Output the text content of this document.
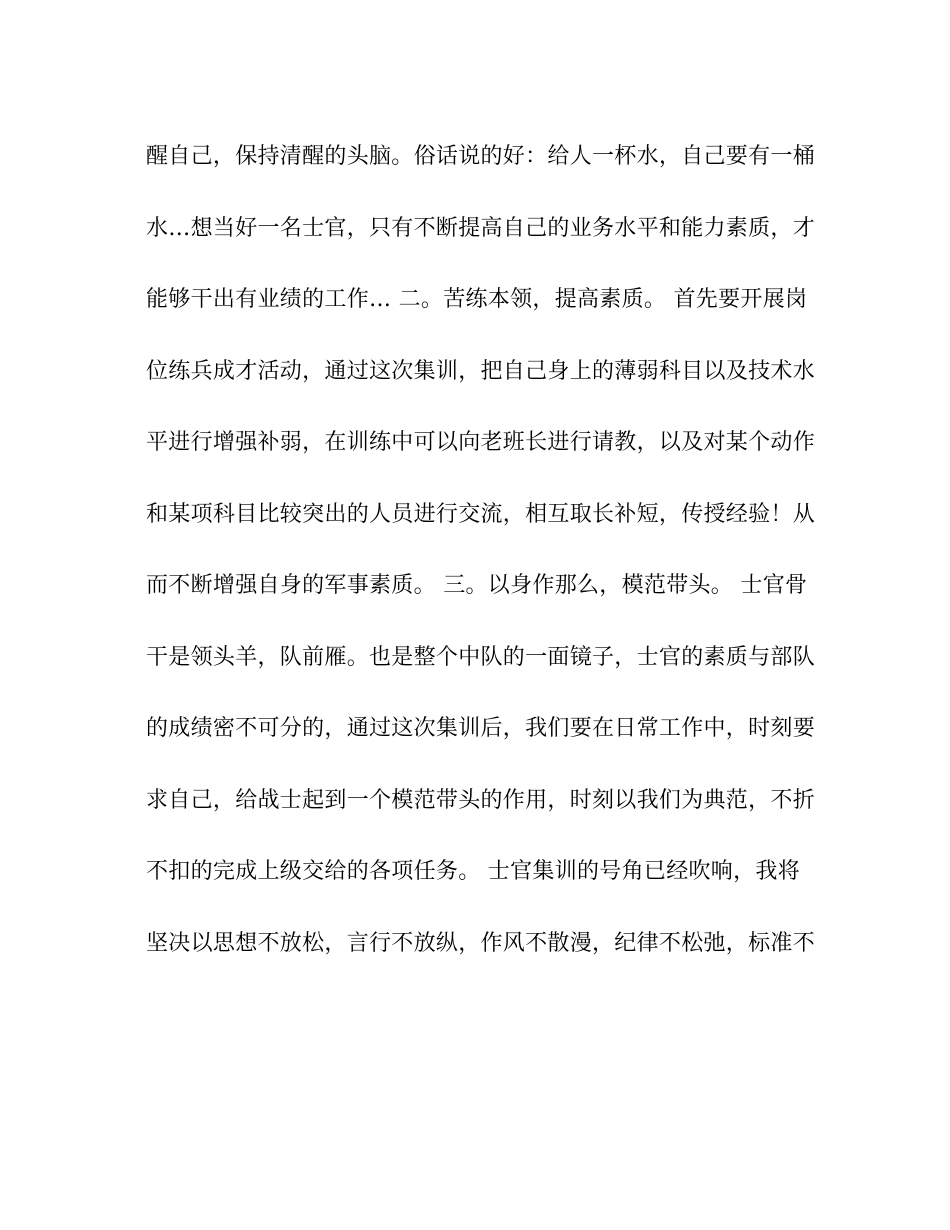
醒自己，保持清醒的头脑。俗话说的好：给人一杯水，自己要有一桶
水…想当好一名士官，只有不断提高自己的业务水平和能力素质，才
能够干出有业绩的工作… 二。苦练本领，提高素质。 首先要开展岗
位练兵成才活动，通过这次集训，把自己身上的薄弱科目以及技术水
平进行增强补弱，在训练中可以向老班长进行请教，以及对某个动作
和某项科目比较突出的人员进行交流，相互取长补短，传授经验！从
而不断增强自身的军事素质。 三。以身作那么，模范带头。 士官骨
干是领头羊，队前雁。也是整个中队的一面镜子，士官的素质与部队
的成绩密不可分的，通过这次集训后，我们要在日常工作中，时刻要
求自己，给战士起到一个模范带头的作用，时刻以我们为典范，不折
不扣的完成上级交给的各项任务。 士官集训的号角已经吹响，我将
坚决以思想不放松，言行不放纵，作风不散漫，纪律不松弛，标准不
